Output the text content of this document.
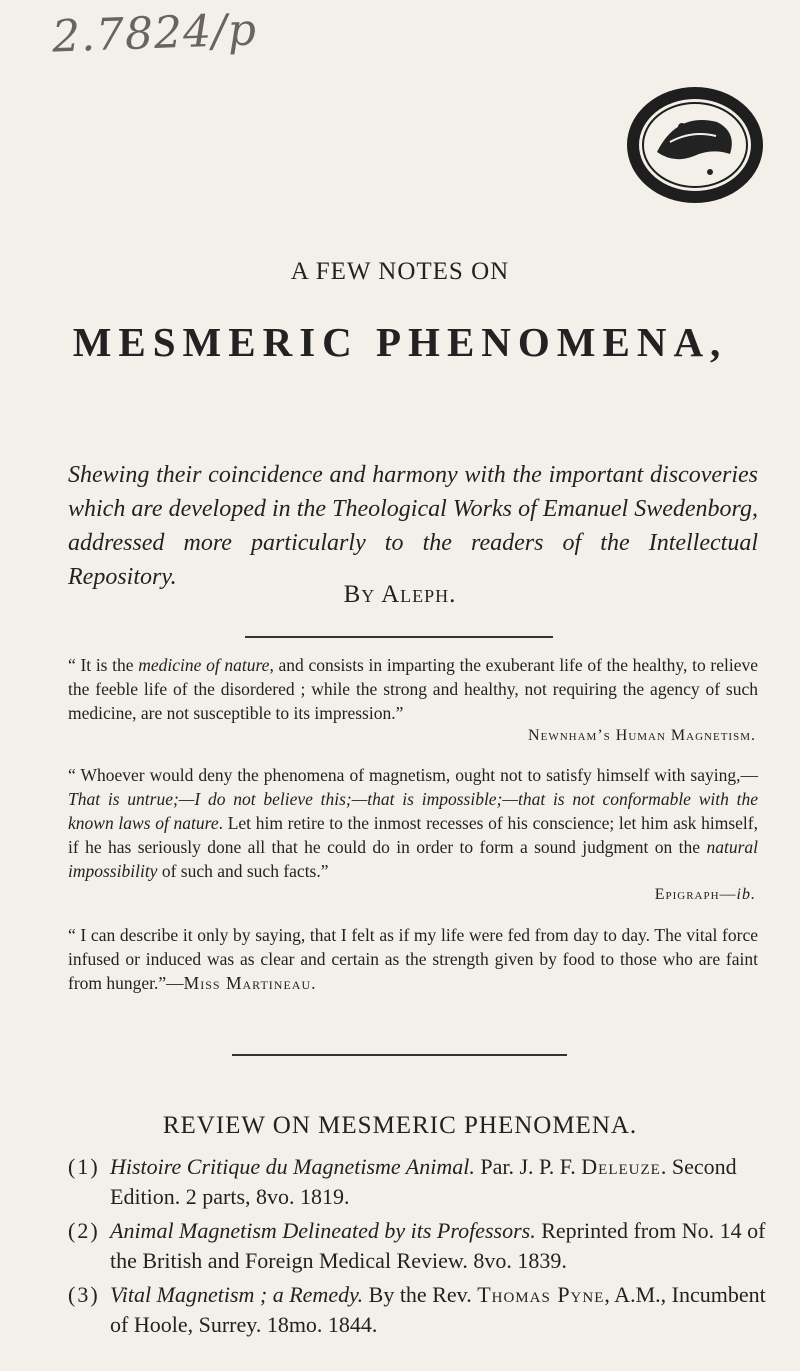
2.7824/p
A FEW NOTES ON
MESMERIC PHENOMENA,
Shewing their coincidence and harmony with the important discoveries which are developed in the Theological Works of Emanuel Swedenborg, addressed more particularly to the readers of the Intellectual Repository.
By Aleph.
“ It is the medicine of nature, and consists in imparting the exuberant life of the healthy, to relieve the feeble life of the disordered ; while the strong and healthy, not requiring the agency of such medicine, are not susceptible to its impression.”
Newnham’s Human Magnetism.
“ Whoever would deny the phenomena of magnetism, ought not to satisfy himself with saying,—That is untrue;—I do not believe this;—that is impossible;—that is not conformable with the known laws of nature. Let him retire to the inmost recesses of his conscience; let him ask himself, if he has seriously done all that he could do in order to form a sound judgment on the natural impossibility of such and such facts.”
Epigraph—ib.
“ I can describe it only by saying, that I felt as if my life were fed from day to day. The vital force infused or induced was as clear and certain as the strength given by food to those who are faint from hunger.”—Miss Martineau.
REVIEW ON MESMERIC PHENOMENA.
(1) Histoire Critique du Magnetisme Animal. Par. J. P. F. Deleuze. Second Edition. 2 parts, 8vo. 1819.
(2) Animal Magnetism Delineated by its Professors. Reprinted from No. 14 of the British and Foreign Medical Review. 8vo. 1839.
(3) Vital Magnetism ; a Remedy. By the Rev. Thomas Pyne, A.M., Incumbent of Hoole, Surrey. 18mo. 1844.
